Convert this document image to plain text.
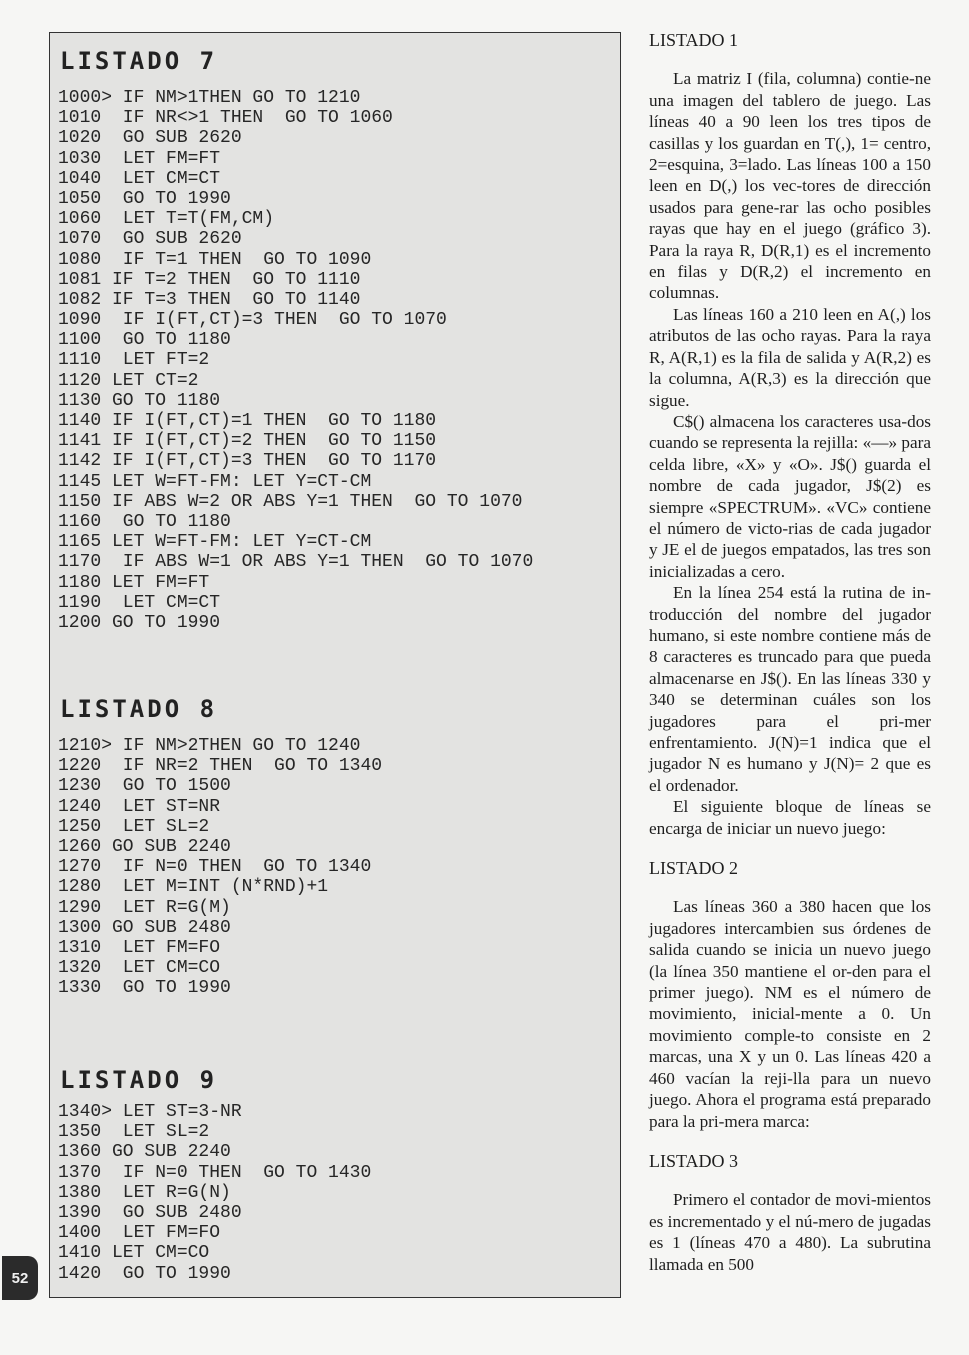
LISTADO 7
1000> IF NM>1THEN GO TO 1210
1010  IF NR<>1 THEN  GO TO 1060
1020  GO SUB 2620
1030  LET FM=FT
1040  LET CM=CT
1050  GO TO 1990
1060  LET T=T(FM,CM)
1070  GO SUB 2620
1080  IF T=1 THEN  GO TO 1090
1081 IF T=2 THEN  GO TO 1110
1082 IF T=3 THEN  GO TO 1140
1090  IF I(FT,CT)=3 THEN  GO TO 1070
1100  GO TO 1180
1110  LET FT=2
1120 LET CT=2
1130 GO TO 1180
1140 IF I(FT,CT)=1 THEN  GO TO 1180
1141 IF I(FT,CT)=2 THEN  GO TO 1150
1142 IF I(FT,CT)=3 THEN  GO TO 1170
1145 LET W=FT-FM: LET Y=CT-CM
1150 IF ABS W=2 OR ABS Y=1 THEN  GO TO 1070
1160  GO TO 1180
1165 LET W=FT-FM: LET Y=CT-CM
1170  IF ABS W=1 OR ABS Y=1 THEN  GO TO 1070
1180 LET FM=FT
1190  LET CM=CT
1200 GO TO 1990
LISTADO 8
1210> IF NM>2THEN GO TO 1240
1220  IF NR=2 THEN  GO TO 1340
1230  GO TO 1500
1240  LET ST=NR
1250  LET SL=2
1260 GO SUB 2240
1270  IF N=0 THEN  GO TO 1340
1280  LET M=INT (N*RND)+1
1290  LET R=G(M)
1300 GO SUB 2480
1310  LET FM=FO
1320  LET CM=CO
1330  GO TO 1990
LISTADO 9
1340> LET ST=3-NR
1350  LET SL=2
1360 GO SUB 2240
1370  IF N=0 THEN  GO TO 1430
1380  LET R=G(N)
1390  GO SUB 2480
1400  LET FM=FO
1410 LET CM=CO
1420  GO TO 1990
LISTADO 1

La matriz I (fila, columna) contie-ne una imagen del tablero de juego. Las líneas 40 a 90 leen los tres tipos de casillas y los guardan en T(,), 1= centro, 2=esquina, 3=lado. Las líneas 100 a 150 leen en D(,) los vec-tores de dirección usados para gene-rar las ocho posibles rayas que hay en el juego (gráfico 3). Para la raya R, D(R,1) es el incremento en filas y D(R,2) el incremento en columnas.

Las líneas 160 a 210 leen en A(,) los atributos de las ocho rayas. Para la raya R, A(R,1) es la fila de salida y A(R,2) es la columna, A(R,3) es la dirección que sigue.

C$() almacena los caracteres usa-dos cuando se representa la rejilla: «—» para celda libre, «X» y «O». J$() guarda el nombre de cada jugador, J$(2) es siempre «SPECTRUM». «VC» contiene el número de victo-rias de cada jugador y JE el de juegos empatados, las tres son inicializadas a cero.

En la línea 254 está la rutina de in-troducción del nombre del jugador humano, si este nombre contiene más de 8 caracteres es truncado para que pueda almacenarse en J$(). En las líneas 330 y 340 se determinan cuáles son los jugadores para el pri-mer enfrentamiento. J(N)=1 indica que el jugador N es humano y J(N)= 2 que es el ordenador.

El siguiente bloque de líneas se encarga de iniciar un nuevo juego:

LISTADO 2

Las líneas 360 a 380 hacen que los jugadores intercambien sus órdenes de salida cuando se inicia un nuevo juego (la línea 350 mantiene el or-den para el primer juego). NM es el número de movimiento, inicial-mente a 0. Un movimiento comple-to consiste en 2 marcas, una X y un 0. Las líneas 420 a 460 vacían la reji-lla para un nuevo juego. Ahora el programa está preparado para la pri-mera marca:

LISTADO 3

Primero el contador de movi-mientos es incrementado y el nú-mero de jugadas es 1 (líneas 470 a 480). La subrutina llamada en 500

52
